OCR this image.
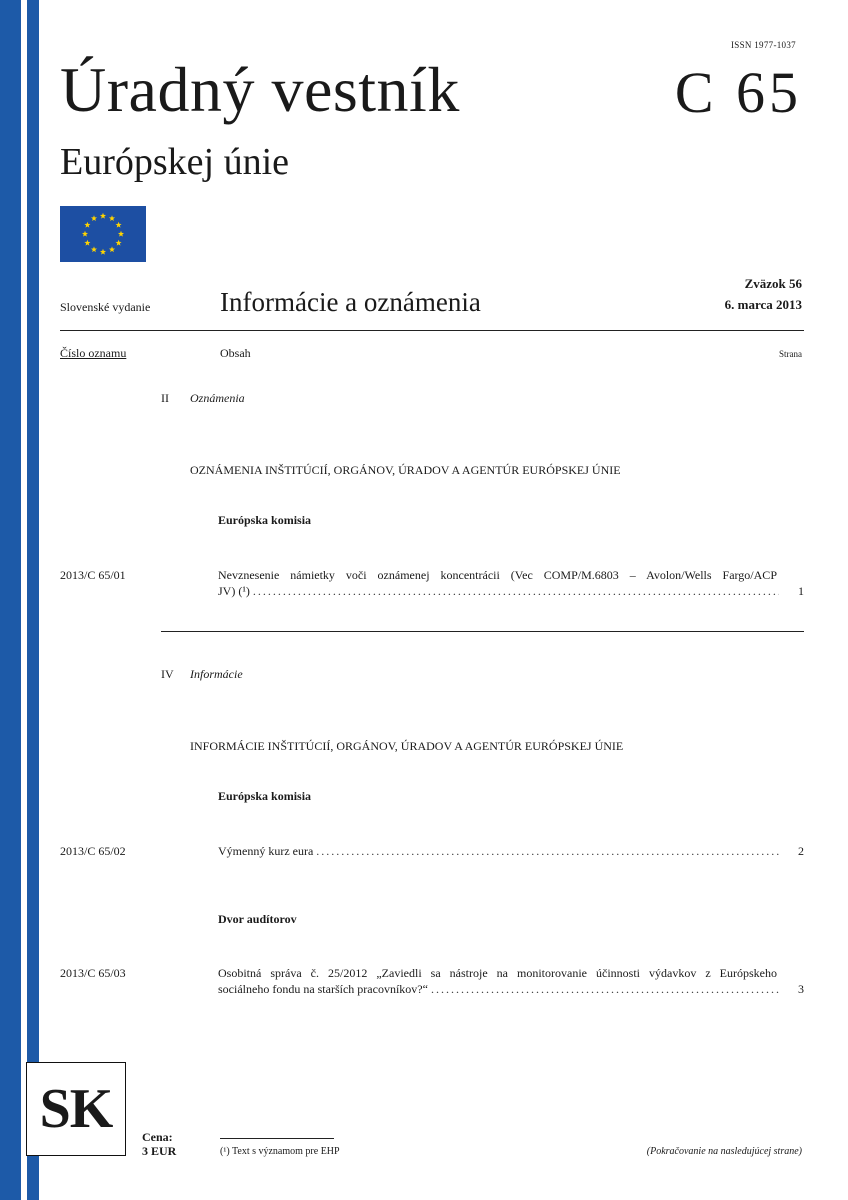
ISSN 1977-1037
Úradný vestník
Európskej únie
C 65
Slovenské vydanie	Informácie a oznámenia
Zväzok 56
6. marca 2013
Číslo oznamu	Obsah	Strana
II Oznámenia
OZNÁMENIA INŠTITÚCIÍ, ORGÁNOV, ÚRADOV A AGENTÚR EURÓPSKEJ ÚNIE
Európska komisia
2013/C 65/01	Nevznesenie námietky voči oznámenej koncentrácii (Vec COMP/M.6803 – Avolon/Wells Fargo/ACP
JV) (¹) .....	1
IV Informácie
INFORMÁCIE INŠTITÚCIÍ, ORGÁNOV, ÚRADOV A AGENTÚR EURÓPSKEJ ÚNIE
Európska komisia
2013/C 65/02	Výmenný kurz eura .....	2
Dvor audítorov
2013/C 65/03	Osobitná správa č. 25/2012 „Zaviedli sa nástroje na monitorovanie účinnosti výdavkov z Európskeho
sociálneho fondu na starších pracovníkov?“ .....	3
SK Cena:
3 EUR	(¹) Text s významom pre EHP	(Pokračovanie na nasledujúcej strane)
